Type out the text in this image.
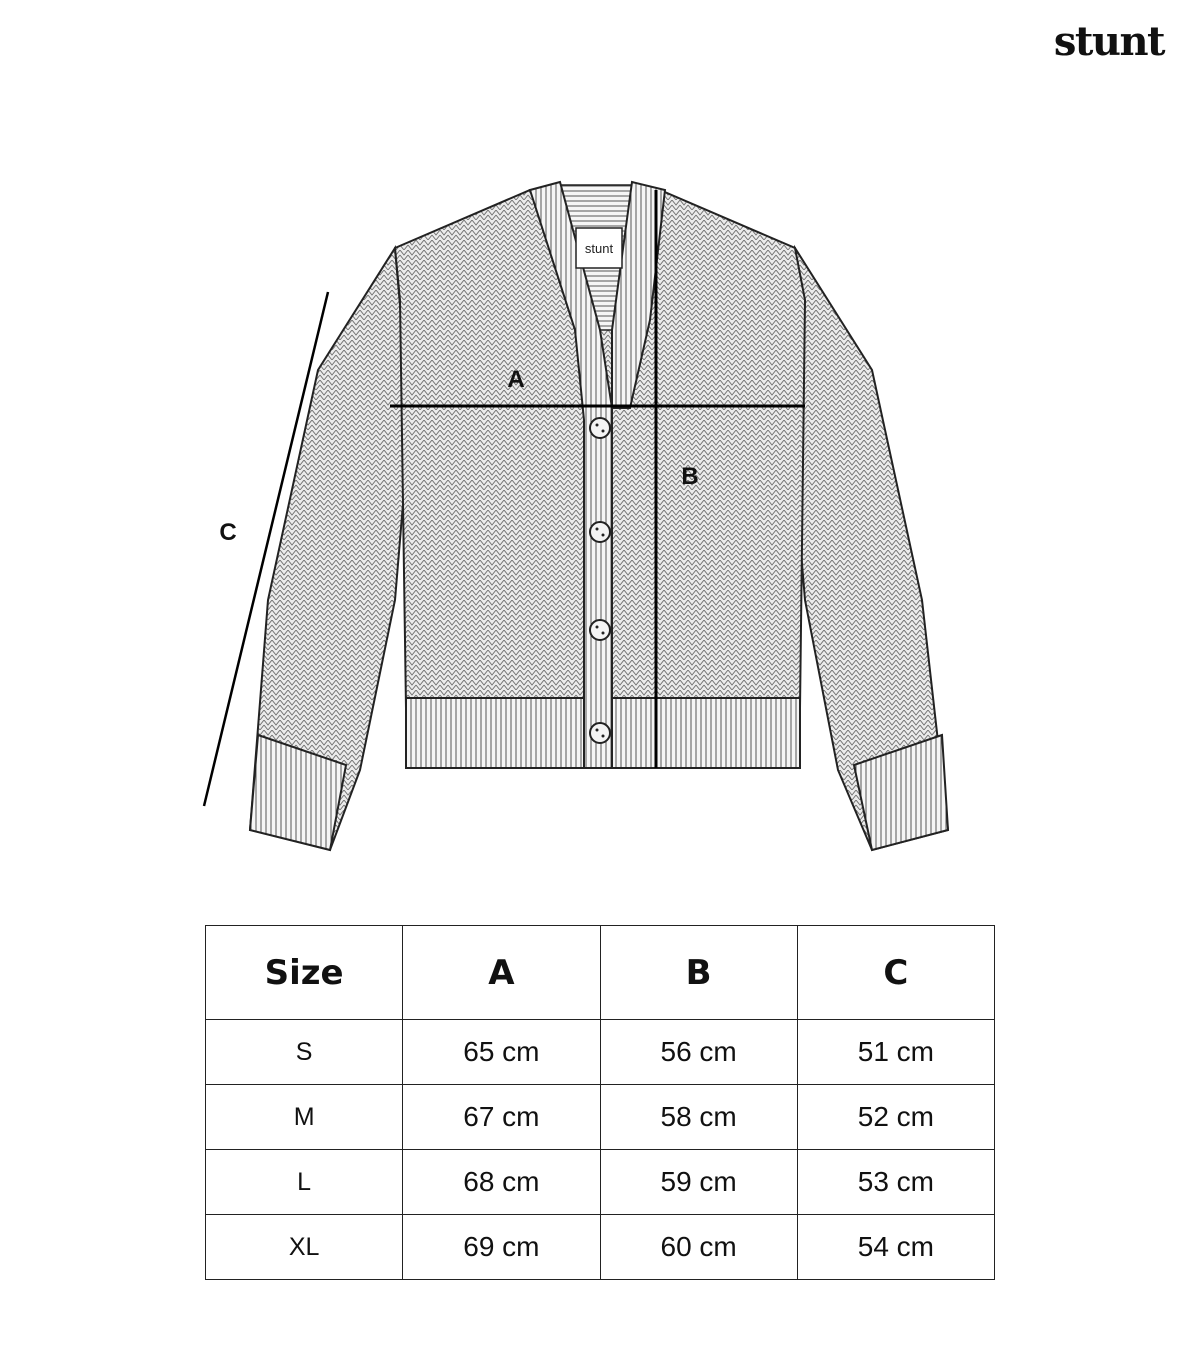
stunt
stunt
A
B
C
Size	A	B	C
S	65 cm	56 cm	51 cm
M	67 cm	58 cm	52 cm
L	68 cm	59 cm	53 cm
XL	69 cm	60 cm	54 cm
